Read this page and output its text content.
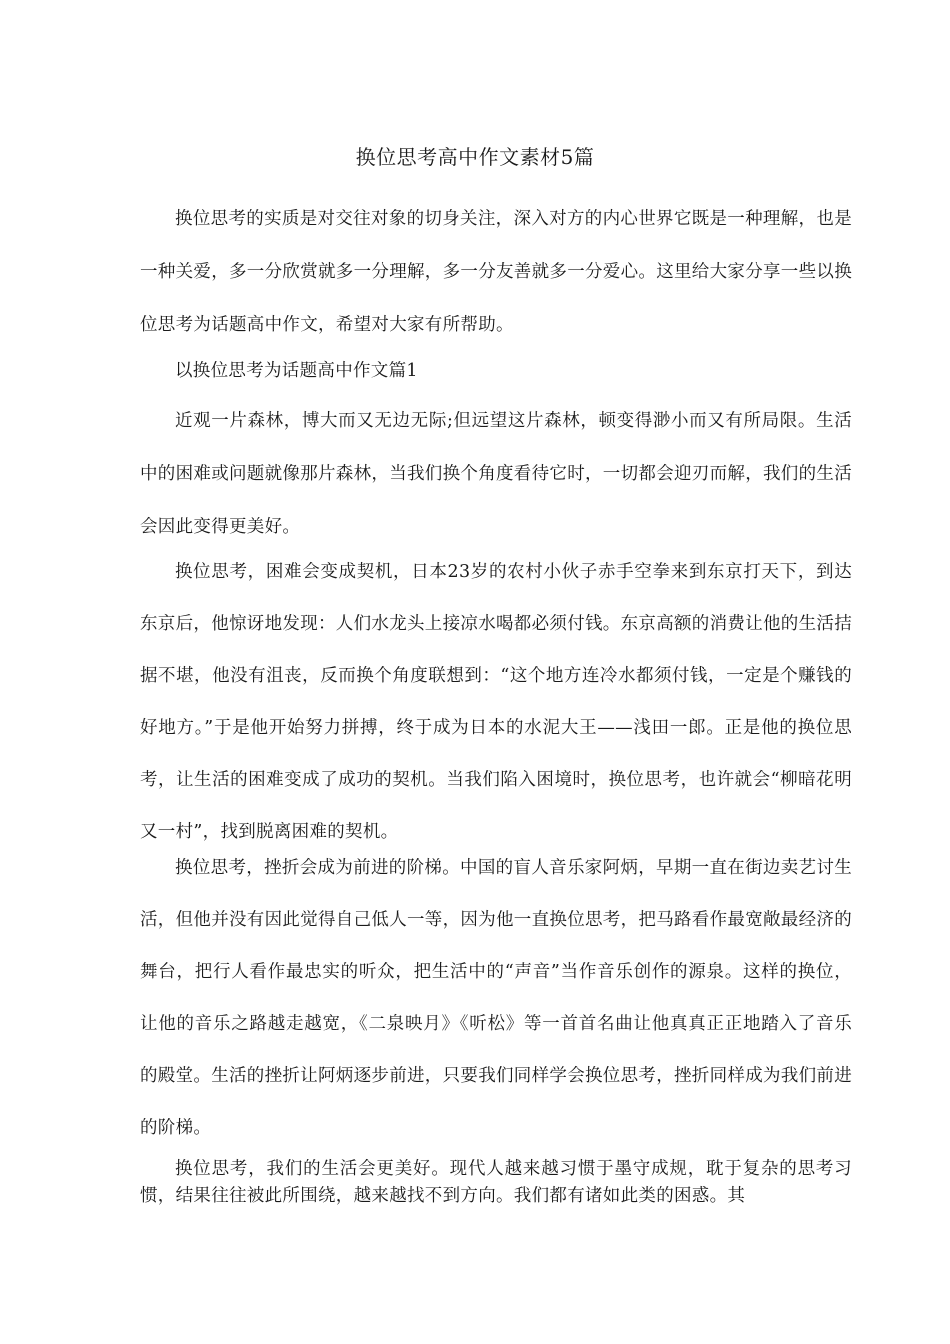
换位思考高中作文素材5篇

换位思考的实质是对交往对象的切身关注，深入对方的内心世界它既是一种理解，也是一种关爱，多一分欣赏就多一分理解，多一分友善就多一分爱心。这里给大家分享一些以换位思考为话题高中作文，希望对大家有所帮助。

以换位思考为话题高中作文篇1

近观一片森林，博大而又无边无际;但远望这片森林，顿变得渺小而又有所局限。生活中的困难或问题就像那片森林，当我们换个角度看待它时，一切都会迎刃而解，我们的生活会因此变得更美好。

换位思考，困难会变成契机，日本23岁的农村小伙子赤手空拳来到东京打天下，到达东京后，他惊讶地发现：人们水龙头上接凉水喝都必须付钱。东京高额的消费让他的生活拮据不堪，他没有沮丧，反而换个角度联想到：“这个地方连冷水都须付钱，一定是个赚钱的好地方。”于是他开始努力拼搏，终于成为日本的水泥大王——浅田一郎。正是他的换位思考，让生活的困难变成了成功的契机。当我们陷入困境时，换位思考，也许就会“柳暗花明又一村”，找到脱离困难的契机。

换位思考，挫折会成为前进的阶梯。中国的盲人音乐家阿炳，早期一直在街边卖艺讨生活，但他并没有因此觉得自己低人一等，因为他一直换位思考，把马路看作最宽敞最经济的舞台，把行人看作最忠实的听众，把生活中的“声音”当作音乐创作的源泉。这样的换位，让他的音乐之路越走越宽，《二泉映月》《听松》等一首首名曲让他真真正正地踏入了音乐的殿堂。生活的挫折让阿炳逐步前进，只要我们同样学会换位思考，挫折同样成为我们前进的阶梯。

换位思考，我们的生活会更美好。现代人越来越习惯于墨守成规，耽于复杂的思考习惯，结果往往被此所围绕，越来越找不到方向。我们都有诸如此类的困惑。其
